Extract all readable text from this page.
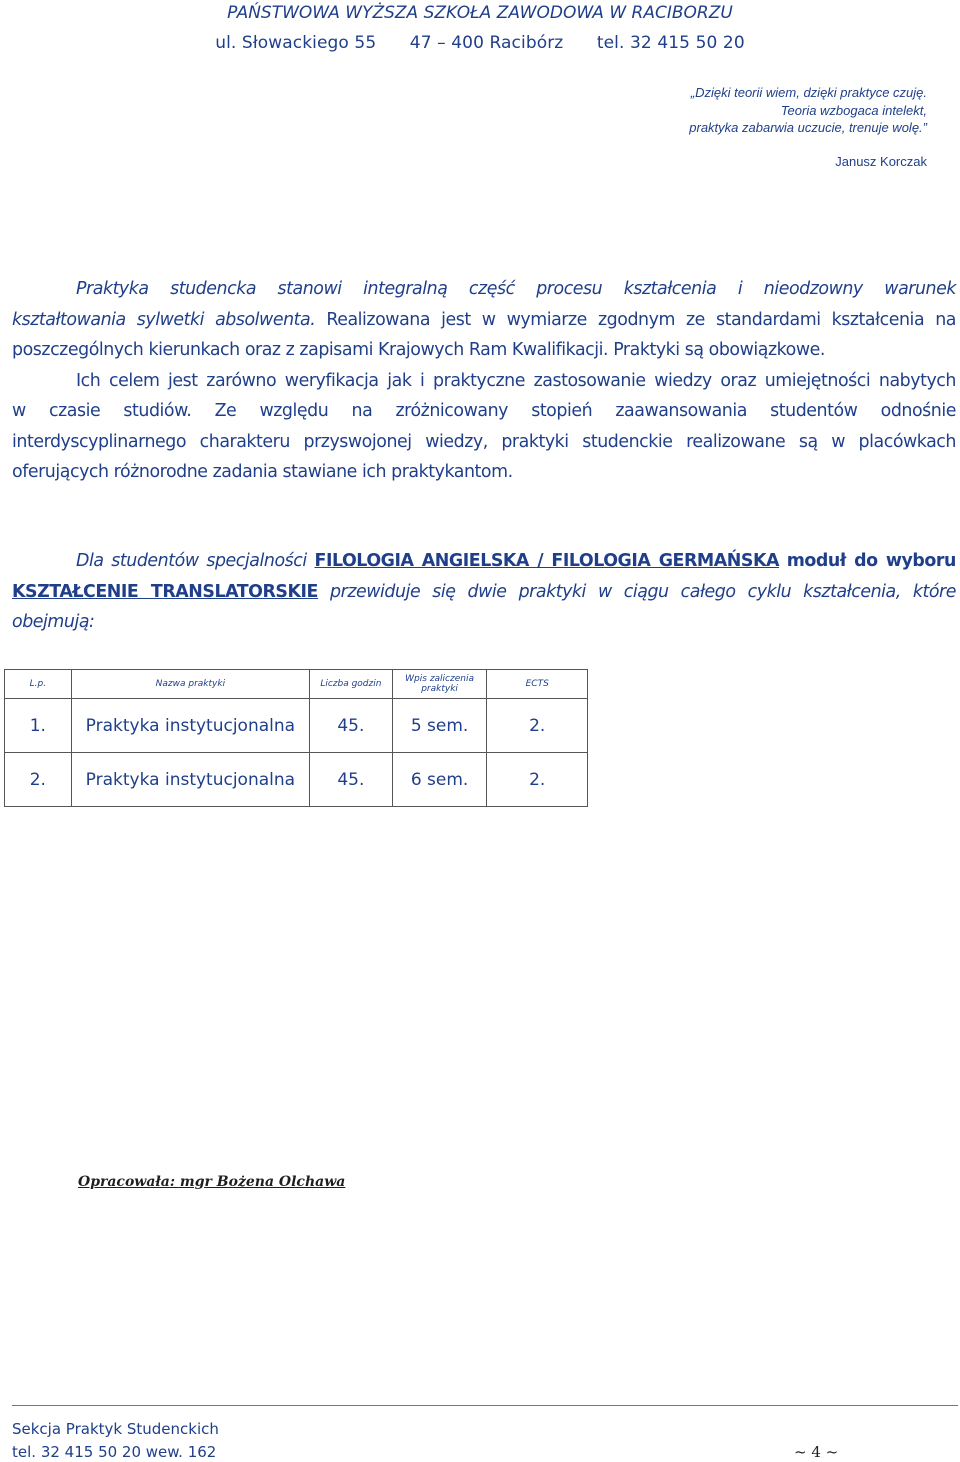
PAŃSTWOWA WYŻSZA SZKOŁA ZAWODOWA W RACIBORZU
ul. Słowackiego 55 47 – 400 Racibórz tel. 32 415 50 20
„Dzięki teorii wiem, dzięki praktyce czuję.
Teoria wzbogaca intelekt,
praktyka zabarwia uczucie, trenuje wolę.”
Janusz Korczak
Praktyka studencka stanowi integralną część procesu kształcenia i nieodzowny warunek
kształtowania sylwetki absolwenta. Realizowana jest w wymiarze zgodnym ze standardami kształcenia na
poszczególnych kierunkach oraz z zapisami Krajowych Ram Kwalifikacji. Praktyki są obowiązkowe.
Ich celem jest zarówno weryfikacja jak i praktyczne zastosowanie wiedzy oraz umiejętności nabytych
w czasie studiów. Ze względu na zróżnicowany stopień zaawansowania studentów odnośnie
interdyscyplinarnego charakteru przyswojonej wiedzy, praktyki studenckie realizowane są w placówkach
oferujących różnorodne zadania stawiane ich praktykantom.
Dla studentów specjalności FILOLOGIA ANGIELSKA / FILOLOGIA GERMAŃSKA moduł do wyboru
KSZTAŁCENIE TRANSLATORSKIE przewiduje się dwie praktyki w ciągu całego cyklu kształcenia, które
obejmują:
L.p.	Nazwa praktyki	Liczba godzin	Wpis zaliczenia praktyki	ECTS
1.	Praktyka instytucjonalna	45.	5 sem.	2.
2.	Praktyka instytucjonalna	45.	6 sem.	2.
Opracowała: mgr Bożena Olchawa
Sekcja Praktyk Studenckich
tel. 32 415 50 20 wew. 162	~ 4 ~
